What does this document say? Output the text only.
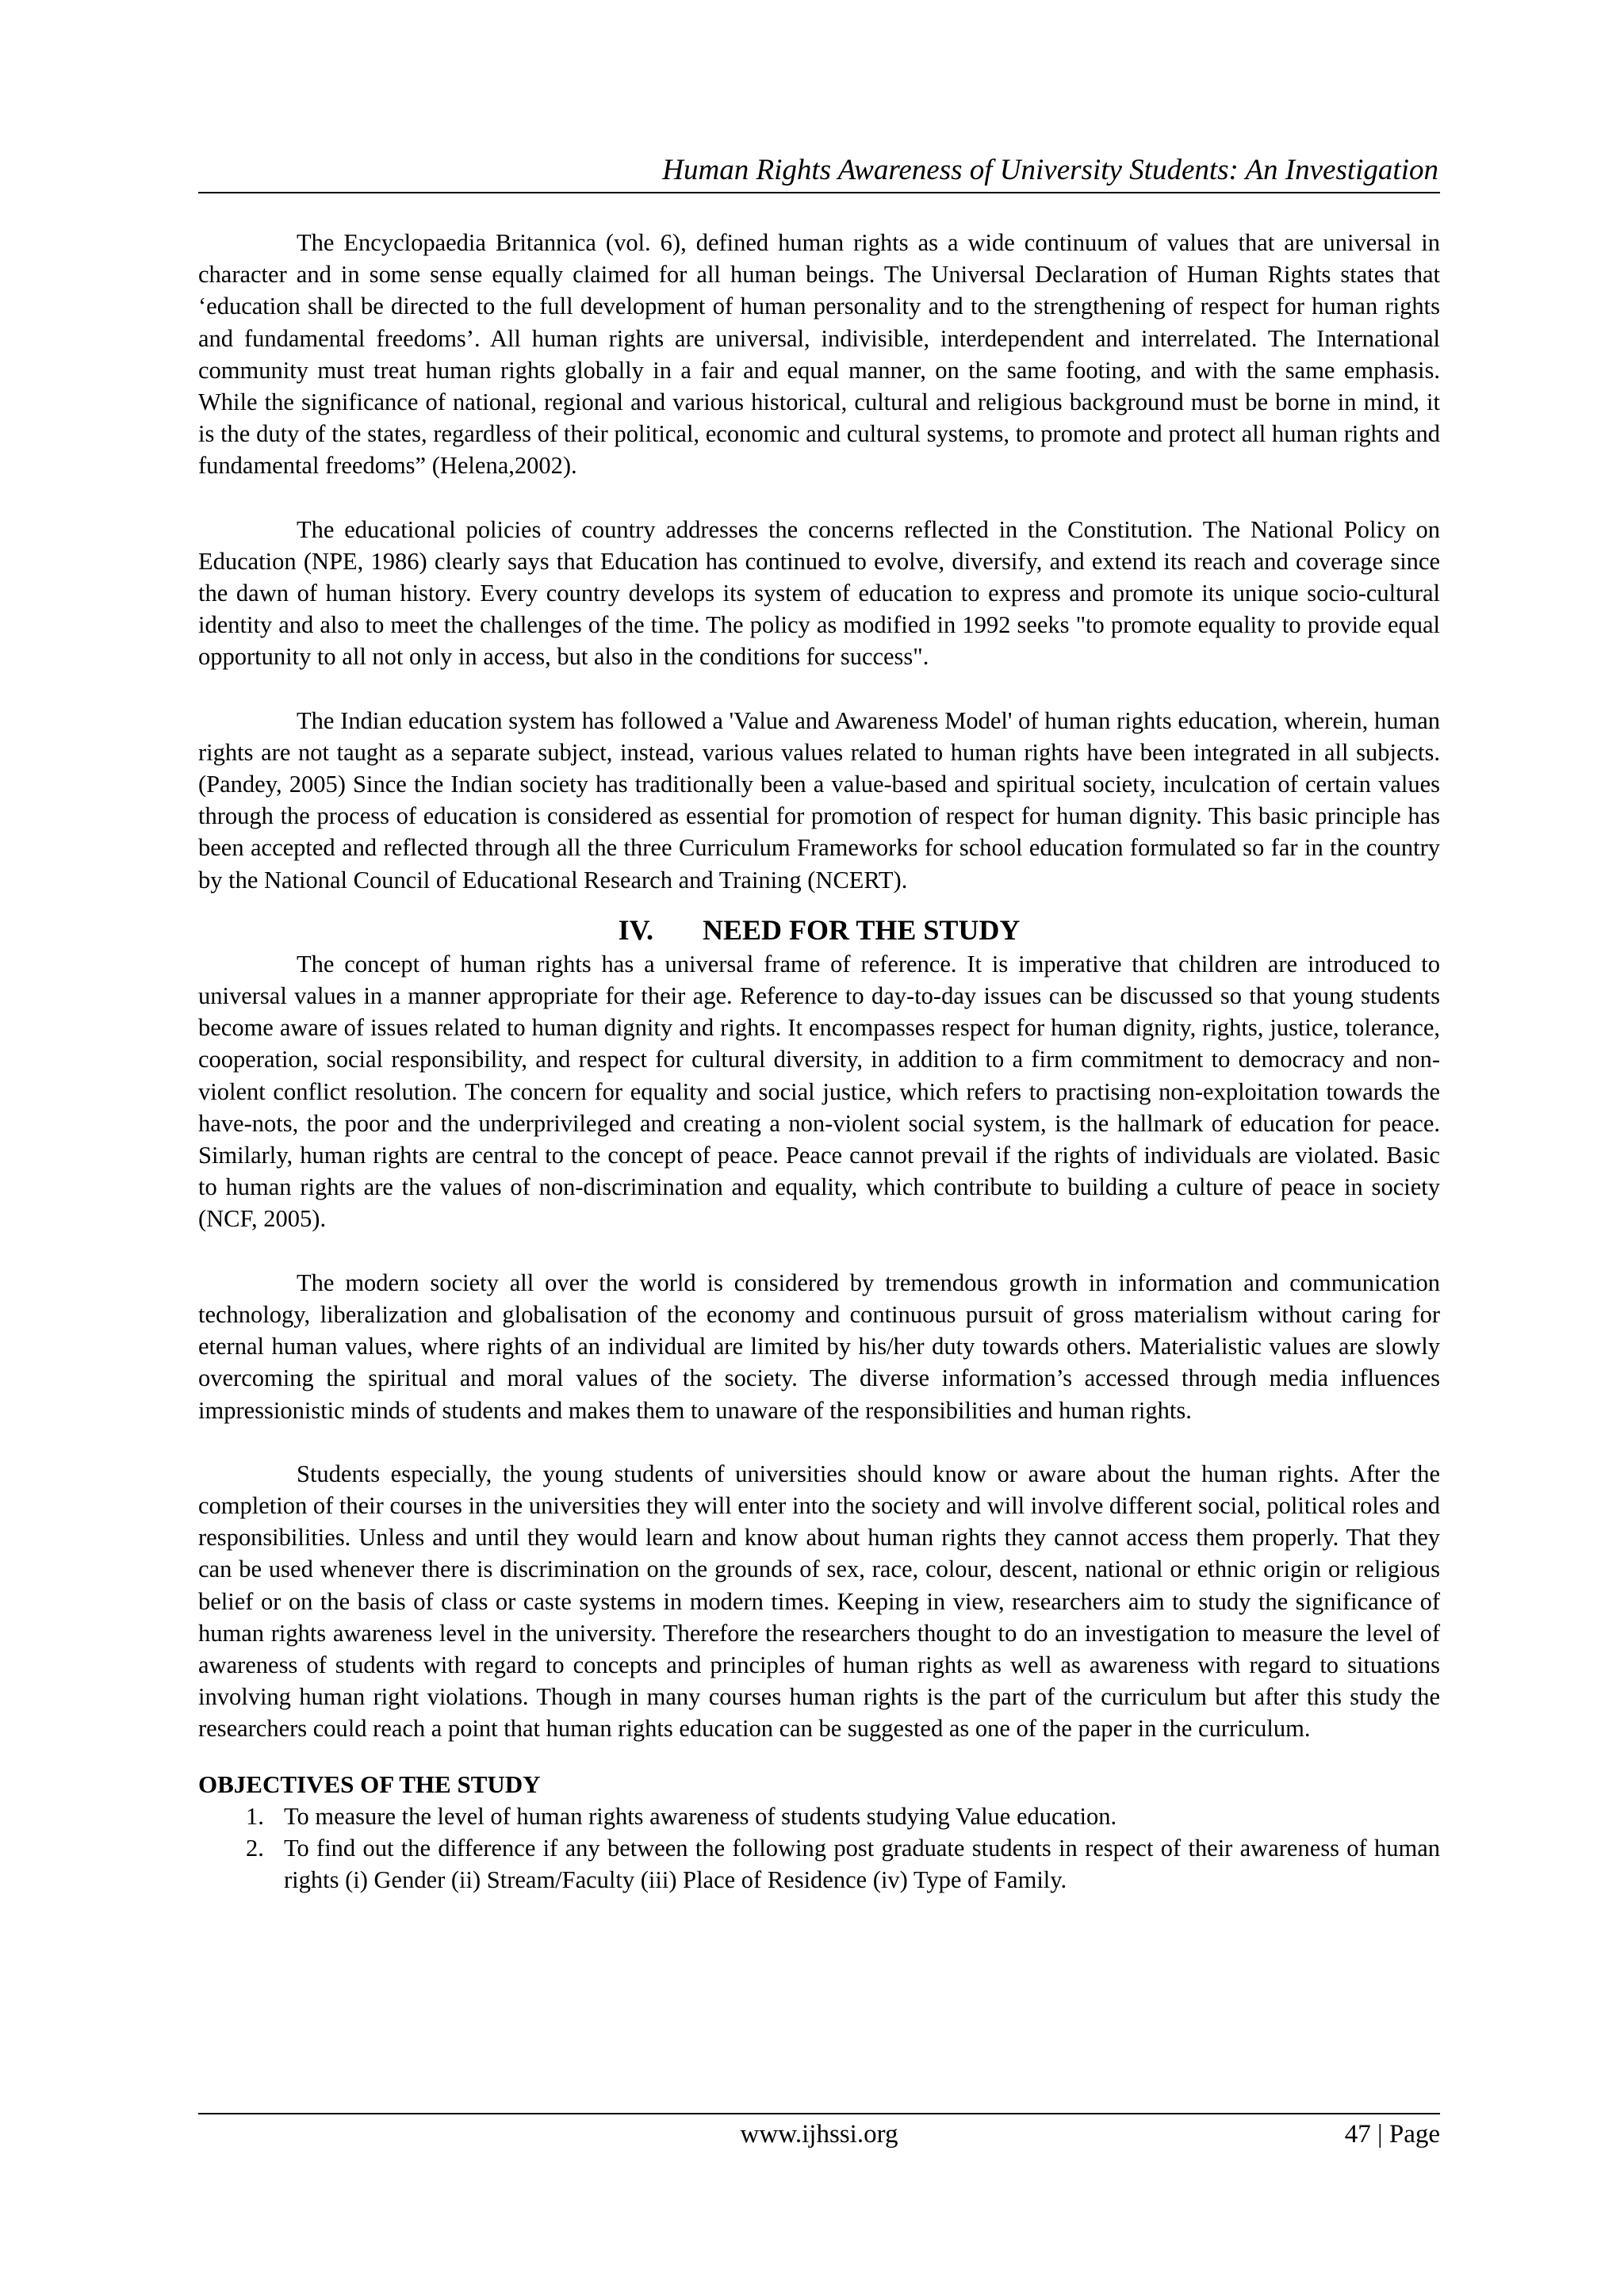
Human Rights Awareness of University Students: An Investigation

The Encyclopaedia Britannica (vol. 6), defined human rights as a wide continuum of values that are universal in character and in some sense equally claimed for all human beings. The Universal Declaration of Human Rights states that ‘education shall be directed to the full development of human personality and to the strengthening of respect for human rights and fundamental freedoms’. All human rights are universal, indivisible, interdependent and interrelated. The International community must treat human rights globally in a fair and equal manner, on the same footing, and with the same emphasis. While the significance of national, regional and various historical, cultural and religious background must be borne in mind, it is the duty of the states, regardless of their political, economic and cultural systems, to promote and protect all human rights and fundamental freedoms” (Helena,2002).

The educational policies of country addresses the concerns reflected in the Constitution. The National Policy on Education (NPE, 1986) clearly says that Education has continued to evolve, diversify, and extend its reach and coverage since the dawn of human history. Every country develops its system of education to express and promote its unique socio-cultural identity and also to meet the challenges of the time. The policy as modified in 1992 seeks "to promote equality to provide equal opportunity to all not only in access, but also in the conditions for success".

The Indian education system has followed a 'Value and Awareness Model' of human rights education, wherein, human rights are not taught as a separate subject, instead, various values related to human rights have been integrated in all subjects. (Pandey, 2005) Since the Indian society has traditionally been a value-based and spiritual society, inculcation of certain values through the process of education is considered as essential for promotion of respect for human dignity. This basic principle has been accepted and reflected through all the three Curriculum Frameworks for school education formulated so far in the country by the National Council of Educational Research and Training (NCERT).

IV. NEED FOR THE STUDY

The concept of human rights has a universal frame of reference. It is imperative that children are introduced to universal values in a manner appropriate for their age. Reference to day-to-day issues can be discussed so that young students become aware of issues related to human dignity and rights. It encompasses respect for human dignity, rights, justice, tolerance, cooperation, social responsibility, and respect for cultural diversity, in addition to a firm commitment to democracy and non-violent conflict resolution. The concern for equality and social justice, which refers to practising non-exploitation towards the have-nots, the poor and the underprivileged and creating a non-violent social system, is the hallmark of education for peace. Similarly, human rights are central to the concept of peace. Peace cannot prevail if the rights of individuals are violated. Basic to human rights are the values of non-discrimination and equality, which contribute to building a culture of peace in society (NCF, 2005).

The modern society all over the world is considered by tremendous growth in information and communication technology, liberalization and globalisation of the economy and continuous pursuit of gross materialism without caring for eternal human values, where rights of an individual are limited by his/her duty towards others. Materialistic values are slowly overcoming the spiritual and moral values of the society. The diverse information’s accessed through media influences impressionistic minds of students and makes them to unaware of the responsibilities and human rights.

Students especially, the young students of universities should know or aware about the human rights. After the completion of their courses in the universities they will enter into the society and will involve different social, political roles and responsibilities. Unless and until they would learn and know about human rights they cannot access them properly. That they can be used whenever there is discrimination on the grounds of sex, race, colour, descent, national or ethnic origin or religious belief or on the basis of class or caste systems in modern times. Keeping in view, researchers aim to study the significance of human rights awareness level in the university. Therefore the researchers thought to do an investigation to measure the level of awareness of students with regard to concepts and principles of human rights as well as awareness with regard to situations involving human right violations. Though in many courses human rights is the part of the curriculum but after this study the researchers could reach a point that human rights education can be suggested as one of the paper in the curriculum.

OBJECTIVES OF THE STUDY
1. To measure the level of human rights awareness of students studying Value education.
2. To find out the difference if any between the following post graduate students in respect of their awareness of human rights (i) Gender (ii) Stream/Faculty (iii) Place of Residence (iv) Type of Family.
www.ijhssi.org	47 | Page
